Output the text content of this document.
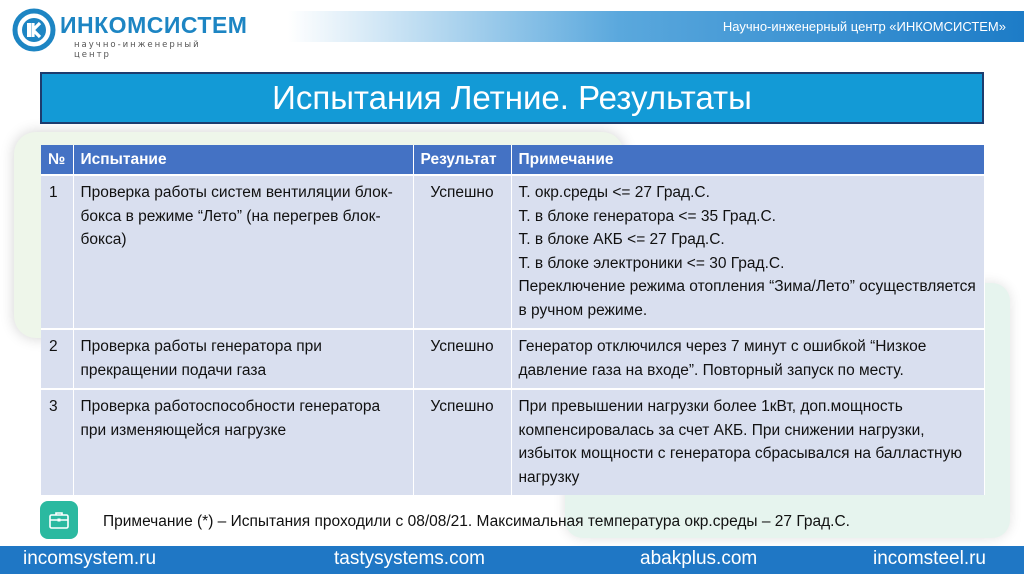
ИНКОМСИСТЕМ
научно-инженерный центр
Научно-инженерный центр «ИНКОМСИСТЕМ»
Испытания Летние. Результаты
№	Испытание	Результат	Примечание
1	Проверка работы систем вентиляции блок-бокса в режиме “Лето” (на перегрев блок-бокса)	Успешно	Т. окр.среды <= 27 Град.С.
Т. в блоке генератора <= 35 Град.С.
Т. в блоке АКБ <= 27 Град.С.
Т. в блоке электроники <= 30 Град.С.
Переключение режима отопления “Зима/Лето” осуществляется в ручном режиме.

2	Проверка работы генератора при прекращении подачи газа	Успешно	Генератор отключился через 7 минут с ошибкой “Низкое давление газа на входе”. Повторный запуск по месту.

3	Проверка работоспособности генератора при изменяющейся нагрузке	Успешно	При превышении нагрузки более 1кВт, доп.мощность компенсировалась за счет АКБ. При снижении нагрузки, избыток мощности с генератора сбрасывался на балластную нагрузку
Примечание (*) – Испытания проходили с 08/08/21. Максимальная температура окр.среды – 27 Град.С.
incomsystem.ru	tastysystems.com	abakplus.com	incomsteel.ru
